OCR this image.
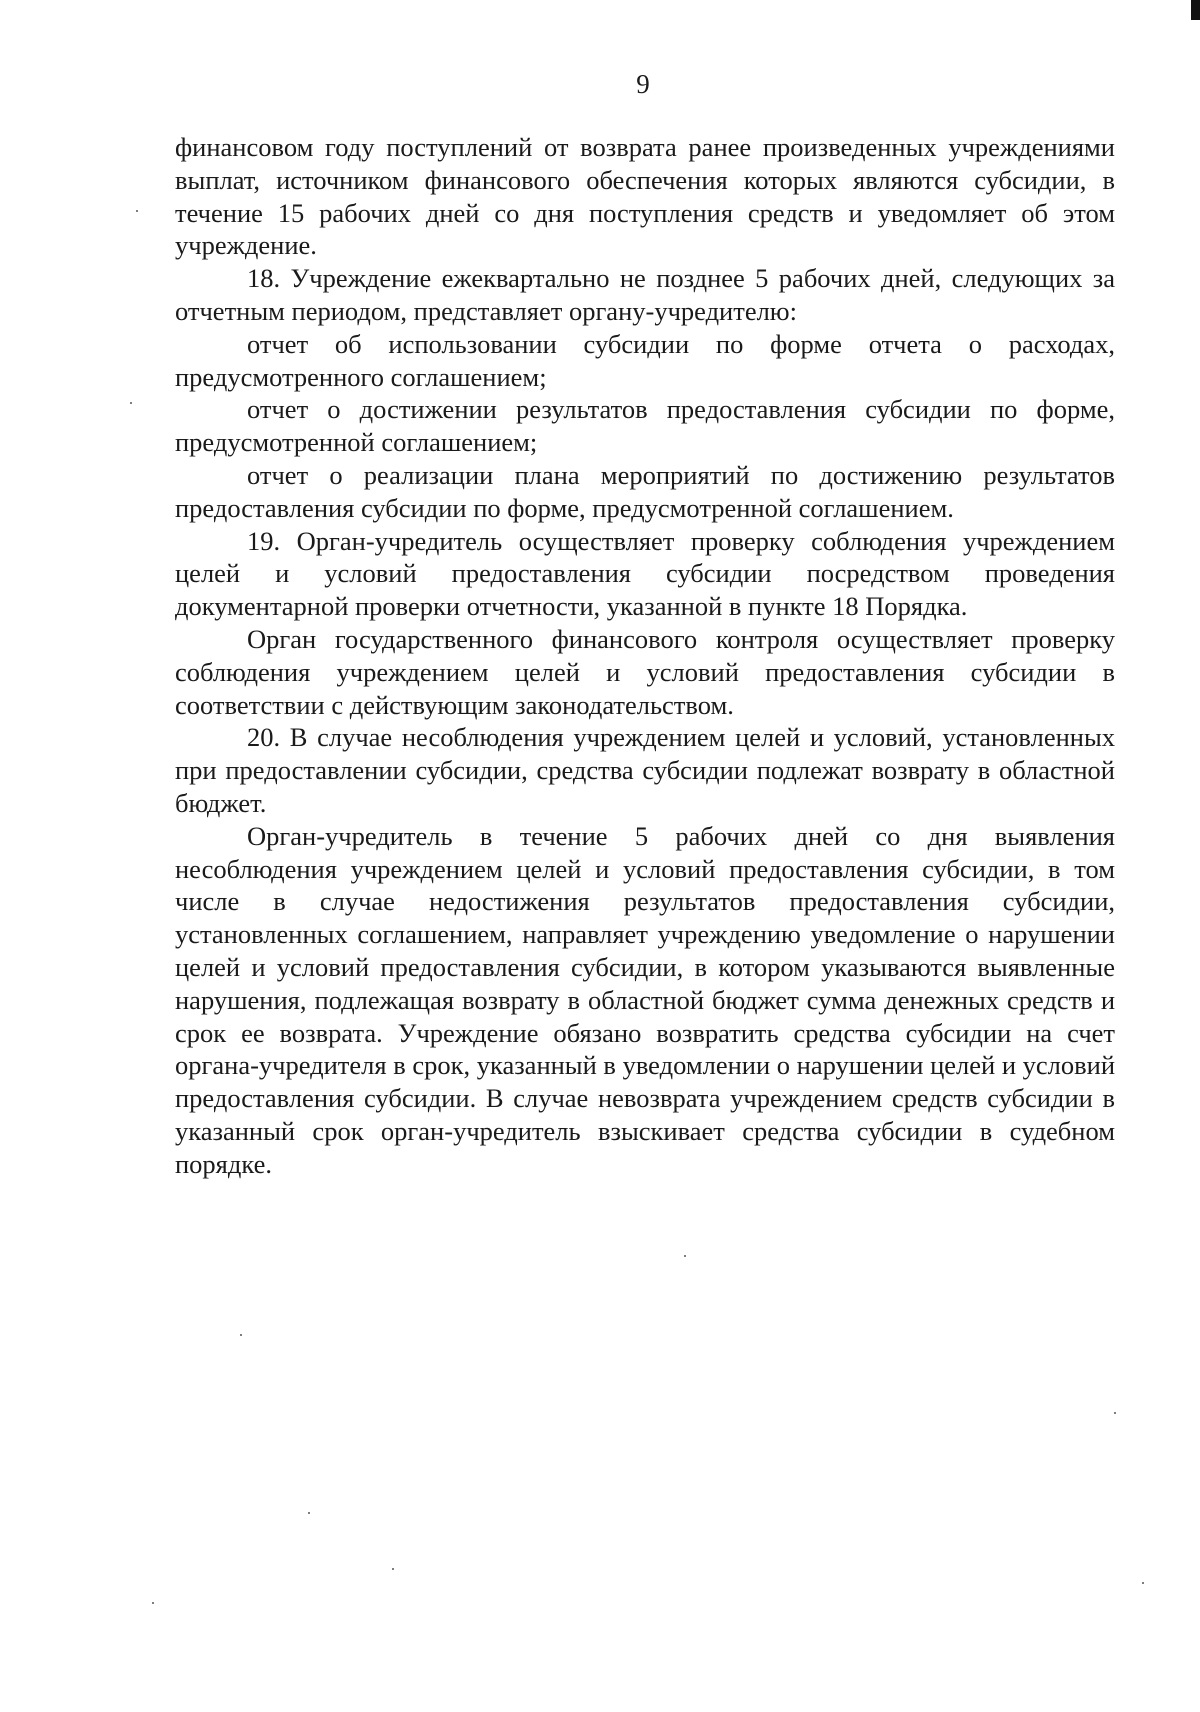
9

финансовом году поступлений от возврата ранее произведенных учреждениями выплат, источником финансового обеспечения которых являются субсидии, в течение 15 рабочих дней со дня поступления средств и уведомляет об этом учреждение.

18. Учреждение ежеквартально не позднее 5 рабочих дней, следующих за отчетным периодом, представляет органу-учредителю:

отчет об использовании субсидии по форме отчета о расходах, предусмотренного соглашением;

отчет о достижении результатов предоставления субсидии по форме, предусмотренной соглашением;

отчет о реализации плана мероприятий по достижению результатов предоставления субсидии по форме, предусмотренной соглашением.

19. Орган-учредитель осуществляет проверку соблюдения учреждением целей и условий предоставления субсидии посредством проведения документарной проверки отчетности, указанной в пункте 18 Порядка.

Орган государственного финансового контроля осуществляет проверку соблюдения учреждением целей и условий предоставления субсидии в соответствии с действующим законодательством.

20. В случае несоблюдения учреждением целей и условий, установленных при предоставлении субсидии, средства субсидии подлежат возврату в областной бюджет.

Орган-учредитель в течение 5 рабочих дней со дня выявления несоблюдения учреждением целей и условий предоставления субсидии, в том числе в случае недостижения результатов предоставления субсидии, установленных соглашением, направляет учреждению уведомление о нарушении целей и условий предоставления субсидии, в котором указываются выявленные нарушения, подлежащая возврату в областной бюджет сумма денежных средств и срок ее возврата. Учреждение обязано возвратить средства субсидии на счет органа-учредителя в срок, указанный в уведомлении о нарушении целей и условий предоставления субсидии. В случае невозврата учреждением средств субсидии в указанный срок орган-учредитель взыскивает средства субсидии в судебном порядке.
